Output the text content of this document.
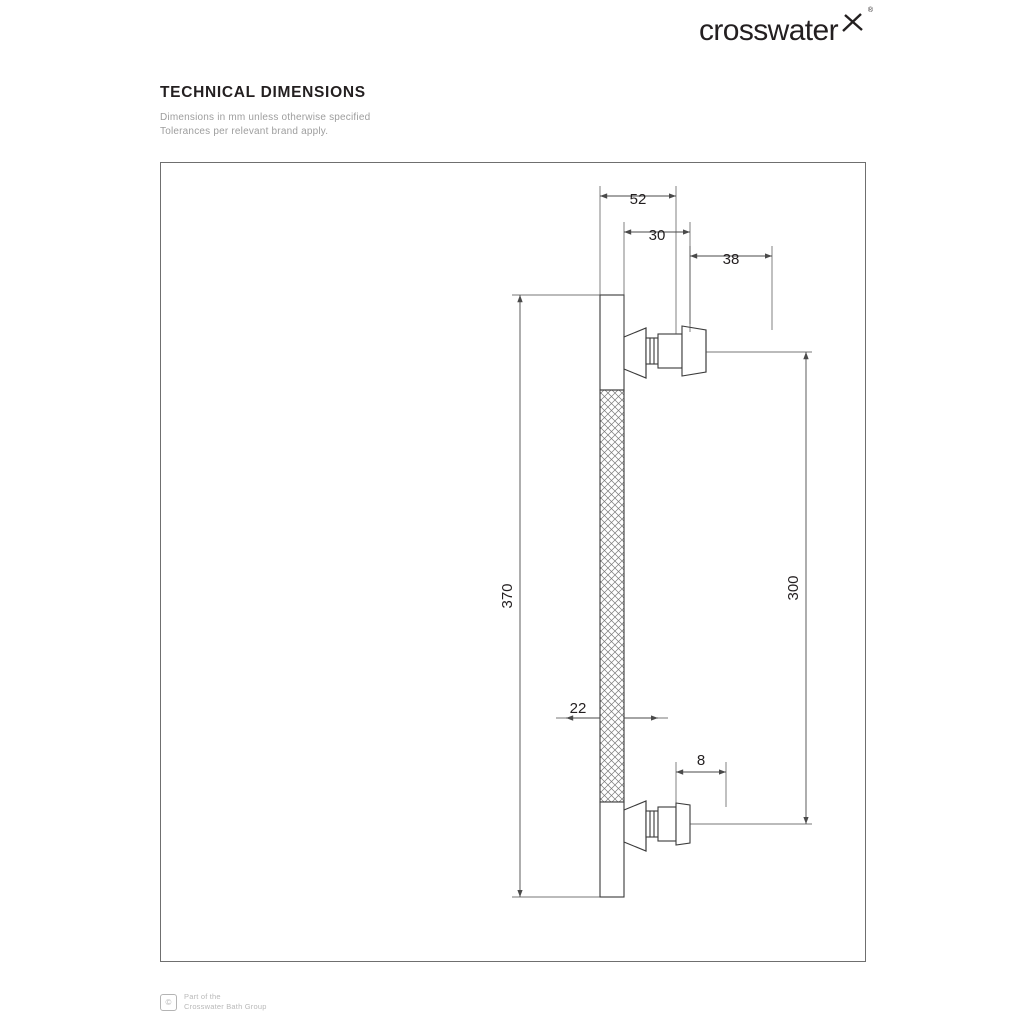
crosswater
®
TECHNICAL DIMENSIONS
Dimensions in mm unless otherwise specified
Tolerances per relevant brand apply.
52
30
38
370	300
22
8
©
Part of the
Crosswater Bath Group
